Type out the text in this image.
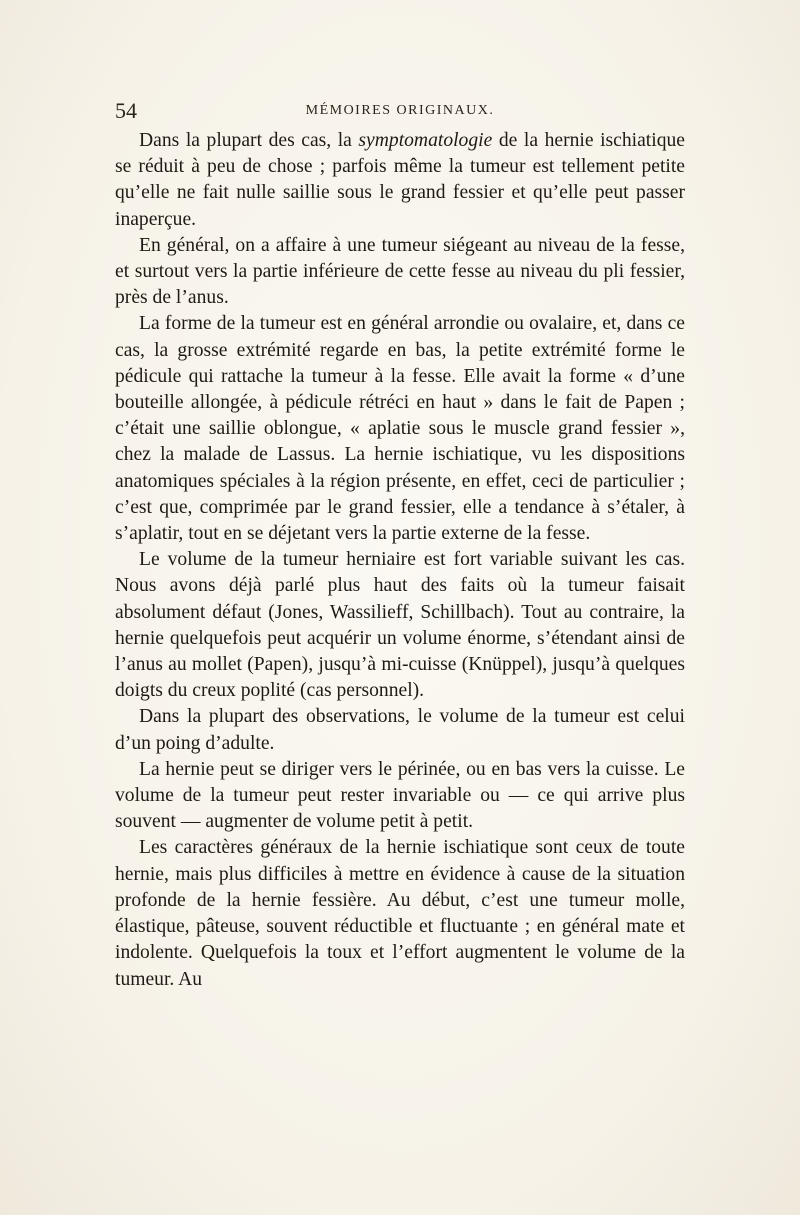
54	MÉMOIRES ORIGINAUX.

Dans la plupart des cas, la symptomatologie de la hernie ischiatique se réduit à peu de chose ; parfois même la tumeur est tellement petite qu’elle ne fait nulle saillie sous le grand fessier et qu’elle peut passer inaperçue.

En général, on a affaire à une tumeur siégeant au niveau de la fesse, et surtout vers la partie inférieure de cette fesse au niveau du pli fessier, près de l’anus.

La forme de la tumeur est en général arrondie ou ovalaire, et, dans ce cas, la grosse extrémité regarde en bas, la petite extrémité forme le pédicule qui rattache la tumeur à la fesse. Elle avait la forme « d’une bouteille allongée, à pédicule rétréci en haut » dans le fait de Papen ; c’était une saillie oblongue, « aplatie sous le muscle grand fessier », chez la malade de Lassus. La hernie ischiatique, vu les dispositions anatomiques spéciales à la région présente, en effet, ceci de particulier ; c’est que, comprimée par le grand fessier, elle a tendance à s’étaler, à s’aplatir, tout en se déjetant vers la partie externe de la fesse.

Le volume de la tumeur herniaire est fort variable suivant les cas. Nous avons déjà parlé plus haut des faits où la tumeur faisait absolument défaut (Jones, Wassilieff, Schillbach). Tout au contraire, la hernie quelquefois peut acquérir un volume énorme, s’étendant ainsi de l’anus au mollet (Papen), jusqu’à mi-cuisse (Knüppel), jusqu’à quelques doigts du creux poplité (cas personnel).

Dans la plupart des observations, le volume de la tumeur est celui d’un poing d’adulte.

La hernie peut se diriger vers le périnée, ou en bas vers la cuisse. Le volume de la tumeur peut rester invariable ou — ce qui arrive plus souvent — augmenter de volume petit à petit.

Les caractères généraux de la hernie ischiatique sont ceux de toute hernie, mais plus difficiles à mettre en évidence à cause de la situation profonde de la hernie fessière. Au début, c’est une tumeur molle, élastique, pâteuse, souvent réductible et fluctuante ; en général mate et indolente. Quelquefois la toux et l’effort augmentent le volume de la tumeur. Au
